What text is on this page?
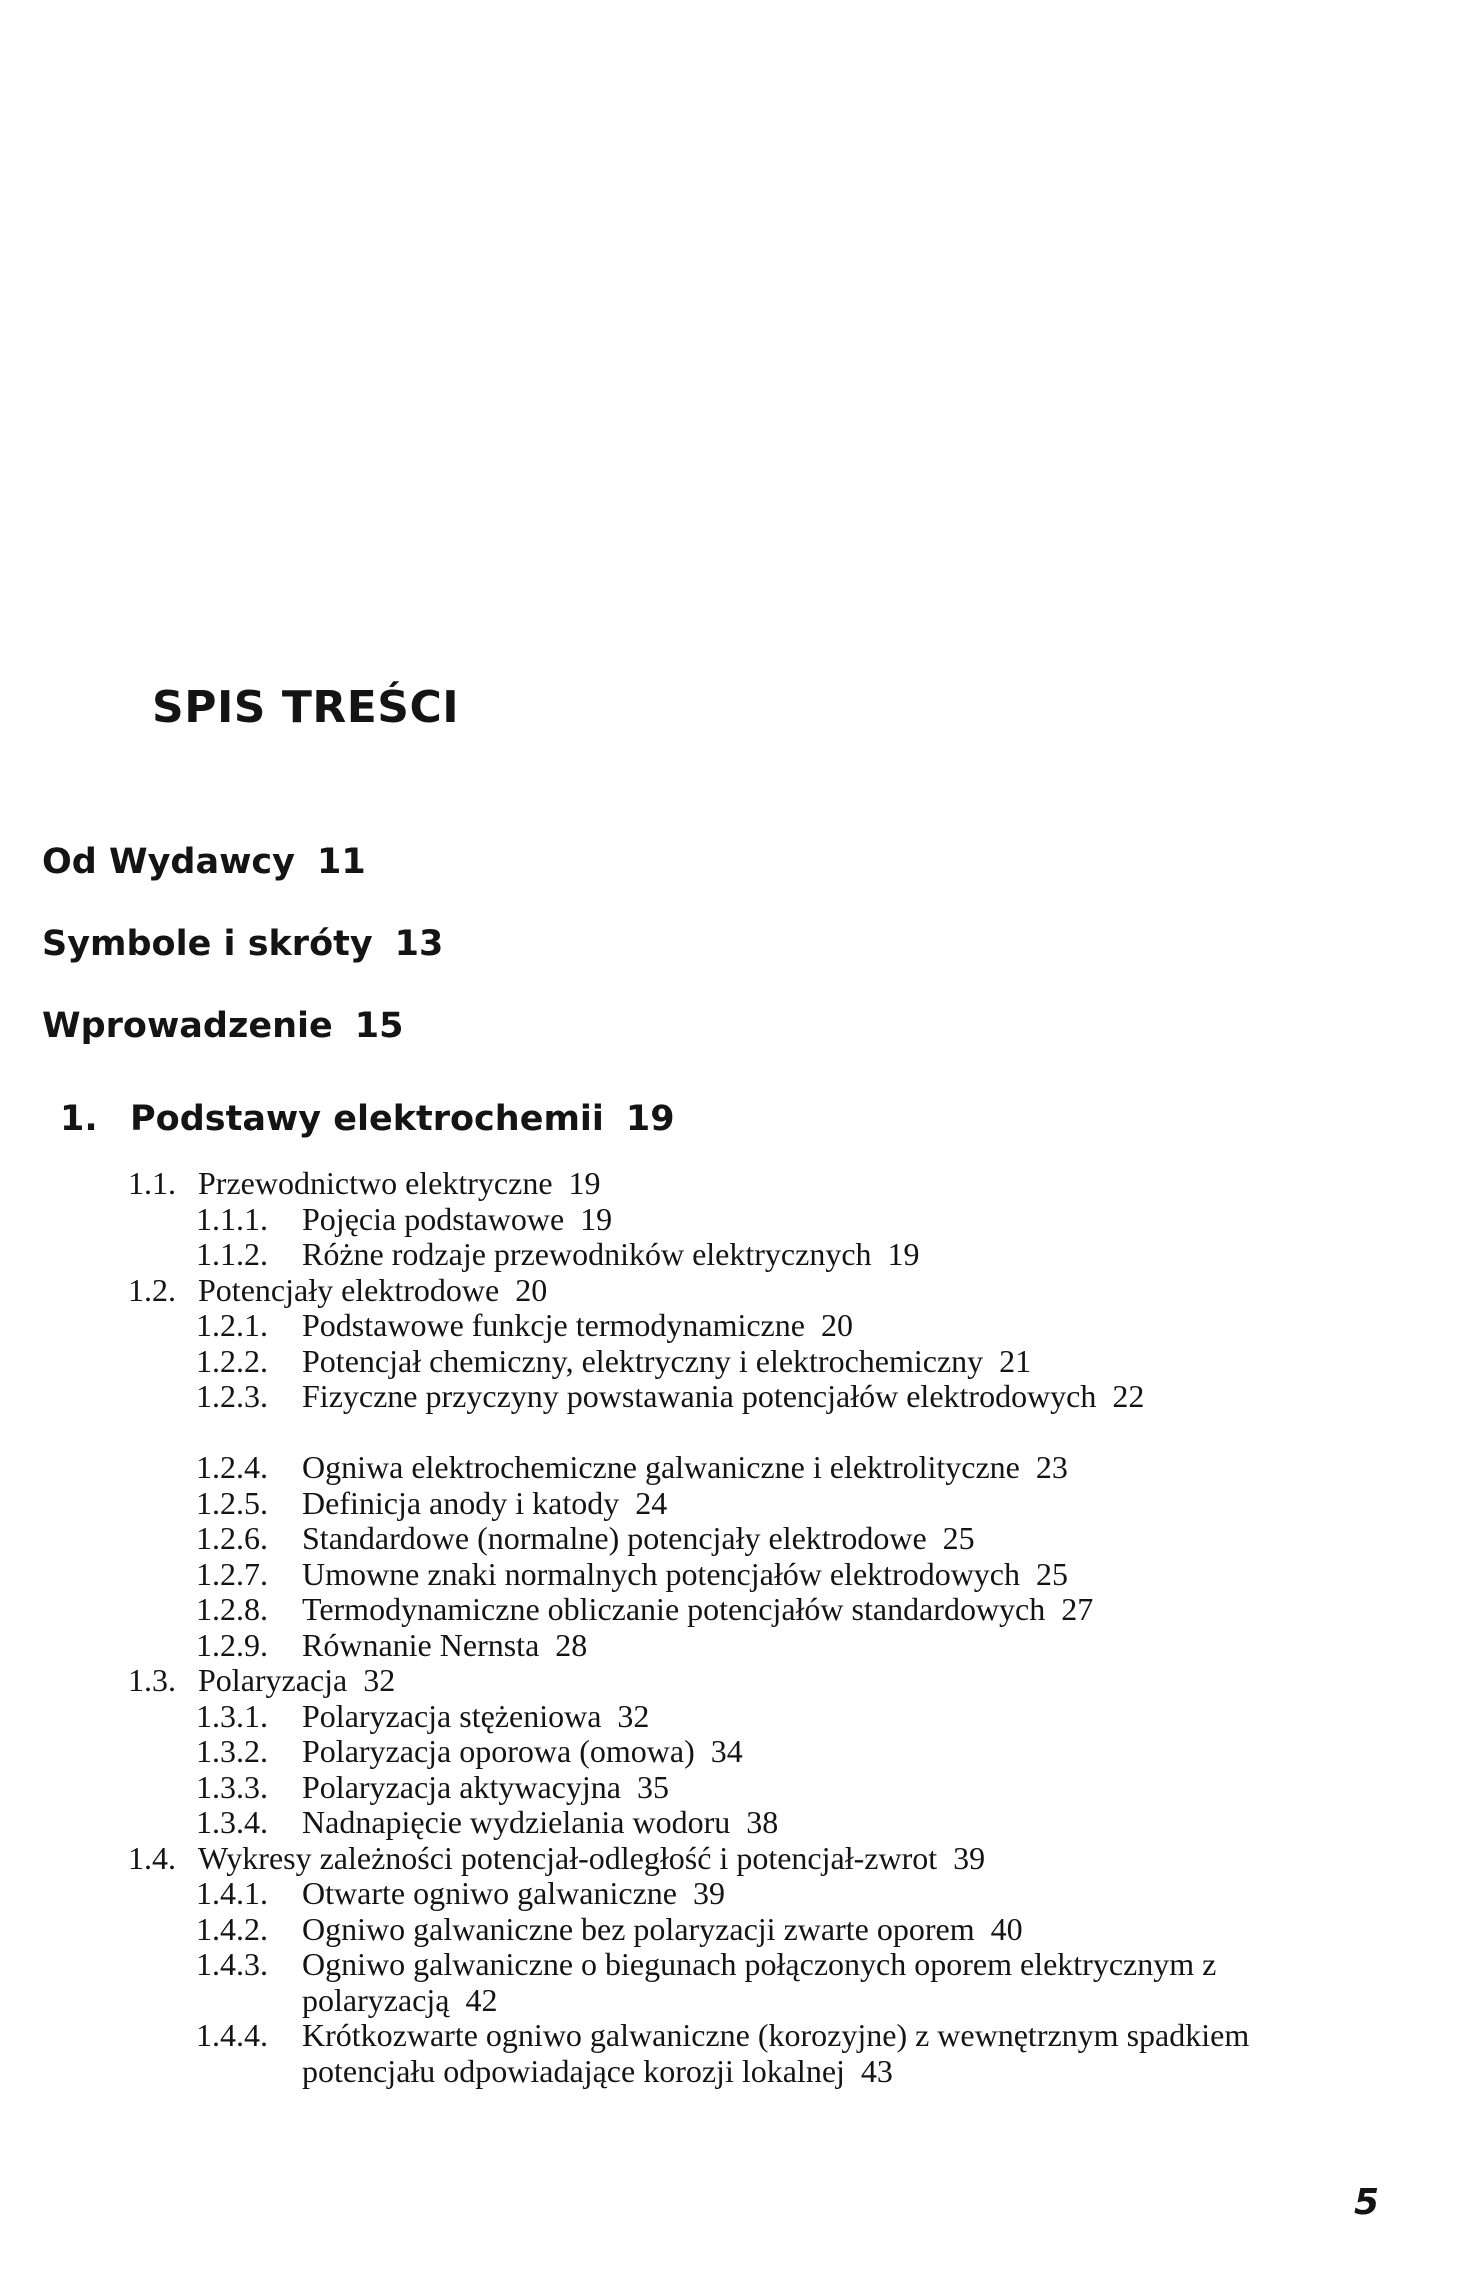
SPIS TREŚCI
Od Wydawcy 11
Symbole i skróty 13
Wprowadzenie 15
1. Podstawy elektrochemii 19
1.1. Przewodnictwo elektryczne 19
1.1.1. Pojęcia podstawowe 19
1.1.2. Różne rodzaje przewodników elektrycznych 19
1.2. Potencjały elektrodowe 20
1.2.1. Podstawowe funkcje termodynamiczne 20
1.2.2. Potencjał chemiczny, elektryczny i elektrochemiczny 21
1.2.3. Fizyczne przyczyny powstawania potencjałów elektrodowych 22
1.2.4. Ogniwa elektrochemiczne galwaniczne i elektrolityczne 23
1.2.5. Definicja anody i katody 24
1.2.6. Standardowe (normalne) potencjały elektrodowe 25
1.2.7. Umowne znaki normalnych potencjałów elektrodowych 25
1.2.8. Termodynamiczne obliczanie potencjałów standardowych 27
1.2.9. Równanie Nernsta 28
1.3. Polaryzacja 32
1.3.1. Polaryzacja stężeniowa 32
1.3.2. Polaryzacja oporowa (omowa) 34
1.3.3. Polaryzacja aktywacyjna 35
1.3.4. Nadnapięcie wydzielania wodoru 38
1.4. Wykresy zależności potencjał-odległość i potencjał-zwrot 39
1.4.1. Otwarte ogniwo galwaniczne 39
1.4.2. Ogniwo galwaniczne bez polaryzacji zwarte oporem 40
1.4.3. Ogniwo galwaniczne o biegunach połączonych oporem elektrycznym z polaryzacją 42
1.4.4. Krótkozwarte ogniwo galwaniczne (korozyjne) z wewnętrznym spadkiem potencjału odpowiadające korozji lokalnej 43
5
